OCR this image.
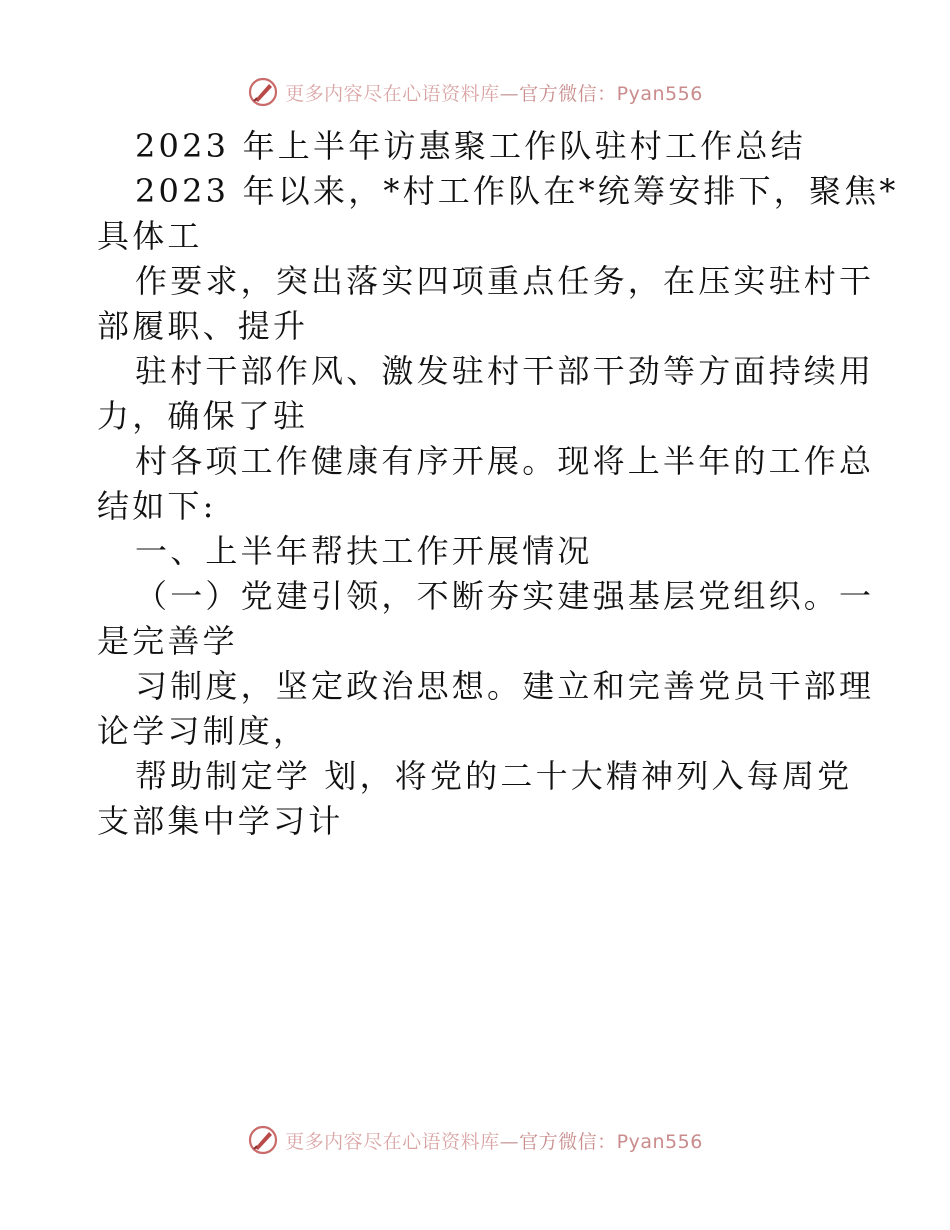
更多内容尽在心语资料库—官方微信：Pyan556
2023 年上半年访惠聚工作队驻村工作总结
2023 年以来，*村工作队在*统筹安排下，聚焦*
具体工
作要求，突出落实四项重点任务，在压实驻村干
部履职、提升
驻村干部作风、激发驻村干部干劲等方面持续用
力，确保了驻
村各项工作健康有序开展。现将上半年的工作总
结如下:
一、上半年帮扶工作开展情况
（一）党建引领，不断夯实建强基层党组织。一
是完善学
习制度，坚定政治思想。建立和完善党员干部理
论学习制度，
帮助制定学 划，将党的二十大精神列入每周党
支部集中学习计
更多内容尽在心语资料库—官方微信：Pyan556
